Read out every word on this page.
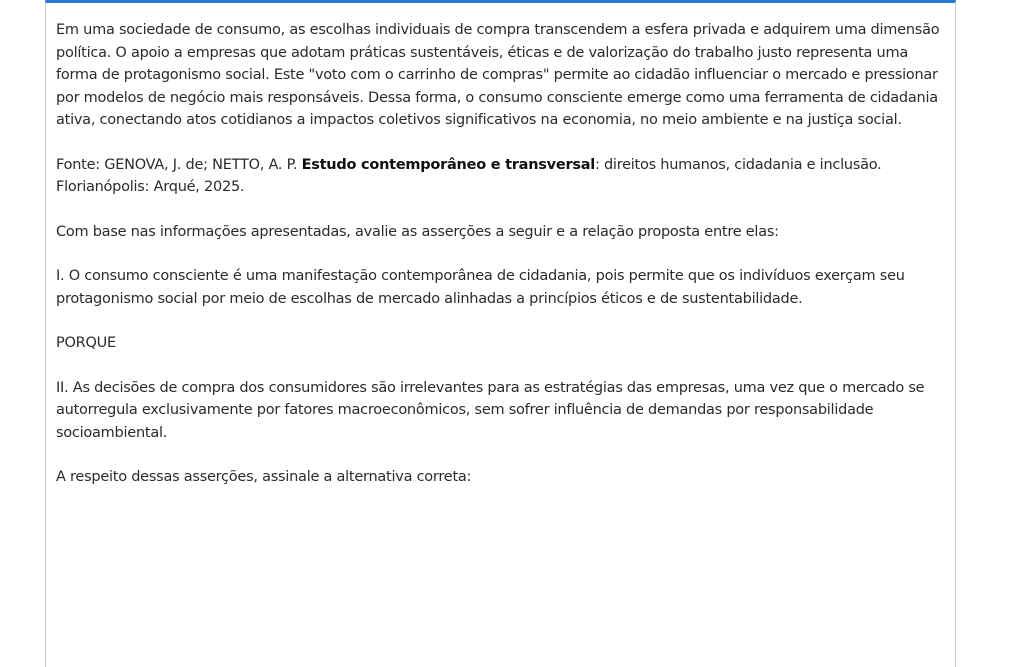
Em uma sociedade de consumo, as escolhas individuais de compra transcendem a esfera privada e adquirem uma dimensão política. O apoio a empresas que adotam práticas sustentáveis, éticas e de valorização do trabalho justo representa uma forma de protagonismo social. Este "voto com o carrinho de compras" permite ao cidadão influenciar o mercado e pressionar por modelos de negócio mais responsáveis. Dessa forma, o consumo consciente emerge como uma ferramenta de cidadania ativa, conectando atos cotidianos a impactos coletivos significativos na economia, no meio ambiente e na justiça social.

Fonte: GENOVA, J. de; NETTO, A. P. Estudo contemporâneo e transversal: direitos humanos, cidadania e inclusão. Florianópolis: Arqué, 2025.

Com base nas informações apresentadas, avalie as asserções a seguir e a relação proposta entre elas:

I. O consumo consciente é uma manifestação contemporânea de cidadania, pois permite que os indivíduos exerçam seu protagonismo social por meio de escolhas de mercado alinhadas a princípios éticos e de sustentabilidade.

PORQUE

II. As decisões de compra dos consumidores são irrelevantes para as estratégias das empresas, uma vez que o mercado se autorregula exclusivamente por fatores macroeconômicos, sem sofrer influência de demandas por responsabilidade socioambiental.

A respeito dessas asserções, assinale a alternativa correta:
